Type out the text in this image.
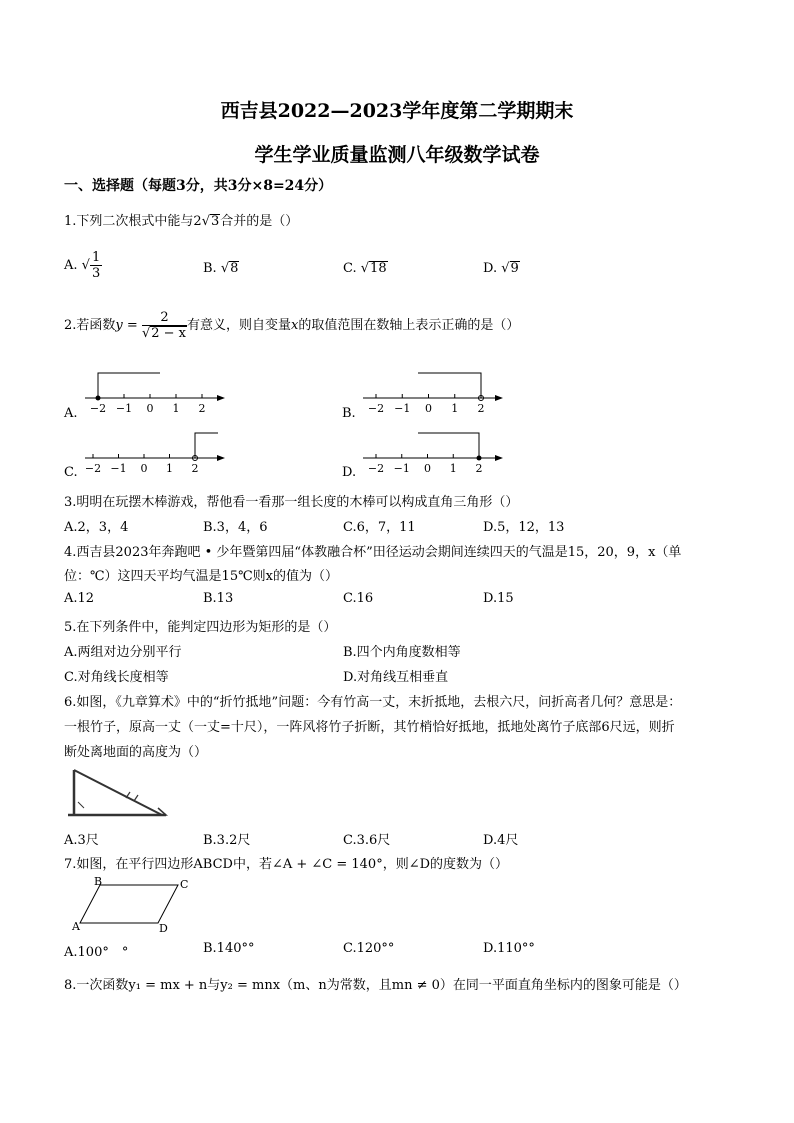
西吉县2022—2023学年度第二学期期末
学生学业质量监测八年级数学试卷
一、选择题（每题3分，共3分×8=24分）
1.下列二次根式中能与2√3合并的是（）
A. √ $\frac{1}{3}$	B. √8	C. √18	D. √9
2.若函数$y = \frac{2}{√2 - x}$ 有意义，则自变量x的取值范围在数轴上表示正确的是（）
A. −2 −1 0 1 2	B. −2 −1 0 1 2
C. −2 −1 0 1 2	D. −2 −1 0 1 2
3.明明在玩摆木棒游戏，帮他看一看那一组长度的木棒可以构成直角三角形（）
A.2，3，4	B.3，4，6	C.6，7，11	D.5，12，13
4.西吉县2023年奔跑吧 • 少年暨第四届“体教融合杯”田径运动会期间连续四天的气温是15，20，9，x（单
位：℃）这四天平均气温是15℃则x的值为（）
A.12	B.13	C.16	D.15
5.在下列条件中，能判定四边形为矩形的是（）
A.两组对边分别平行	B.四个内角度数相等
C.对角线长度相等	D.对角线互相垂直
6.如图，《九章算术》中的“折竹抵地”问题：今有竹高一丈，末折抵地，去根六尺，问折高者几何？意思是：
一根竹子，原高一丈（一丈=十尺），一阵风将竹子折断，其竹梢恰好抵地，抵地处离竹子底部6尺远，则折
断处离地面的高度为（）
A.3尺	B.3.2尺	C.3.6尺	D.4尺
7.如图，在平行四边形ABCD中，若∠A + ∠C = 140°，则∠D的度数为（）
B	C
A	D
A.100°　°	B.140°°	C.120°°	D.110°°
8.一次函数y₁ = mx + n与y₂ = mnx（m、n为常数，且mn ≠ 0）在同一平面直角坐标内的图象可能是（）
